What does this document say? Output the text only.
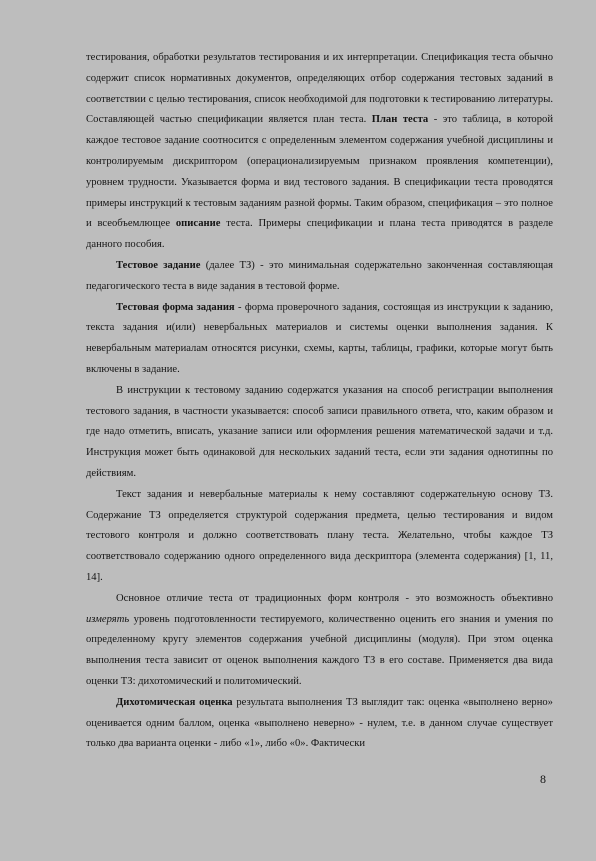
​

тестирования, обработки результатов тестирования и их интерпретации. Спецификация теста обычно содержит список нормативных документов, определяющих отбор содержания тестовых заданий в соответствии с целью тестирования, список необходимой для подготовки к тестированию литературы. Составляющей частью спецификации является план теста. План теста - это таблица, в которой каждое тестовое задание соотносится с определенным элементом содержания учебной дисциплины и контролируемым дискриптором (операционализируемым признаком проявления компетенции), уровнем трудности. Указывается форма и вид тестового задания. В спецификации теста проводятся примеры инструкций к тестовым заданиям разной формы. Таким образом, спецификация – это полное и всеобъемлющее описание теста. Примеры спецификации и плана теста приводятся в разделе данного пособия.

Тестовое задание (далее ТЗ) - это минимальная содержательно законченная составляющая педагогического теста в виде задания в тестовой форме.

Тестовая форма задания - форма проверочного задания, состоящая из инструкции к заданию, текста задания и(или) невербальных материалов и системы оценки выполнения задания. К невербальным материалам относятся рисунки, схемы, карты, таблицы, графики, которые могут быть включены в задание.

В инструкции к тестовому заданию содержатся указания на способ регистрации выполнения тестового задания, в частности указывается: способ записи правильного ответа, что, каким образом и где надо отметить, вписать, указание записи или оформления решения математической задачи и т.д. Инструкция может быть одинаковой для нескольких заданий теста, если эти задания однотипны по действиям.

Текст задания и невербальные материалы к нему составляют содержательную основу ТЗ. Содержание ТЗ определяется структурой содержания предмета, целью тестирования и видом тестового контроля и должно соответствовать плану теста. Желательно, чтобы каждое ТЗ соответствовало содержанию одного определенного вида дескриптора (элемента содержания) [1, 11, 14].

Основное отличие теста от традиционных форм контроля - это возможность объективно измерять уровень подготовленности тестируемого, количественно оценить его знания и умения по определенному кругу элементов содержания учебной дисциплины (модуля). При этом оценка выполнения теста зависит от оценок выполнения каждого ТЗ в его составе. Применяется два вида оценки ТЗ: дихотомический и политомический.

Дихотомическая оценка результата выполнения ТЗ выглядит так: оценка «выполнено верно» оценивается одним баллом, оценка «выполнено неверно» - нулем, т.е. в данном случае существует только два варианта оценки - либо «1», либо «0». Фактически

8
